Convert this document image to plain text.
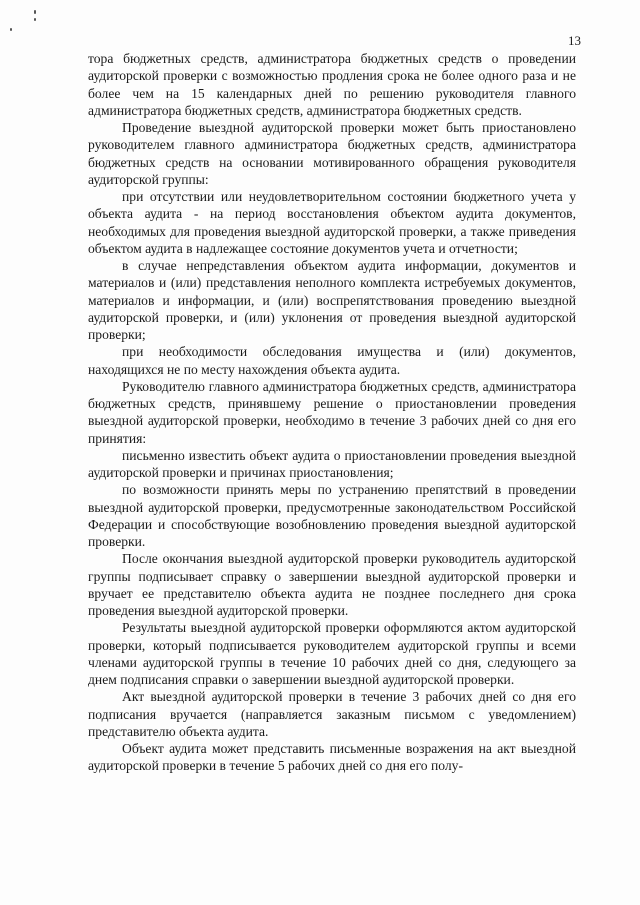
13

тора бюджетных средств, администратора бюджетных средств о проведении аудиторской проверки с возможностью продления срока не более одного раза и не более чем на 15 календарных дней по решению руководителя главного администратора бюджетных средств, администратора бюджетных средств.

Проведение выездной аудиторской проверки может быть приостановлено руководителем главного администратора бюджетных средств, администратора бюджетных средств на основании мотивированного обращения руководителя аудиторской группы:

при отсутствии или неудовлетворительном состоянии бюджетного учета у объекта аудита - на период восстановления объектом аудита документов, необходимых для проведения выездной аудиторской проверки, а также приведения объектом аудита в надлежащее состояние документов учета и отчетности;

в случае непредставления объектом аудита информации, документов и материалов и (или) представления неполного комплекта истребуемых документов, материалов и информации, и (или) воспрепятствования проведению выездной аудиторской проверки, и (или) уклонения от проведения выездной аудиторской проверки;

при необходимости обследования имущества и (или) документов, находящихся не по месту нахождения объекта аудита.

Руководителю главного администратора бюджетных средств, администратора бюджетных средств, принявшему решение о приостановлении проведения выездной аудиторской проверки, необходимо в течение 3 рабочих дней со дня его принятия:

письменно известить объект аудита о приостановлении проведения выездной аудиторской проверки и причинах приостановления;

по возможности принять меры по устранению препятствий в проведении выездной аудиторской проверки, предусмотренные законодательством Российской Федерации и способствующие возобновлению проведения выездной аудиторской проверки.

После окончания выездной аудиторской проверки руководитель аудиторской группы подписывает справку о завершении выездной аудиторской проверки и вручает ее представителю объекта аудита не позднее последнего дня срока проведения выездной аудиторской проверки.

Результаты выездной аудиторской проверки оформляются актом аудиторской проверки, который подписывается руководителем аудиторской группы и всеми членами аудиторской группы в течение 10 рабочих дней со дня, следующего за днем подписания справки о завершении выездной аудиторской проверки.

Акт выездной аудиторской проверки в течение 3 рабочих дней со дня его подписания вручается (направляется заказным письмом с уведомлением) представителю объекта аудита.

Объект аудита может представить письменные возражения на акт выездной аудиторской проверки в течение 5 рабочих дней со дня его полу-
